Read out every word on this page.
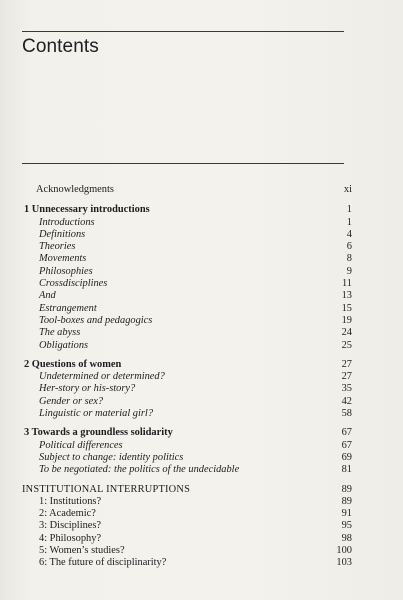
Contents
Acknowledgments	xi
1 Unnecessary introductions	1
Introductions	1
Definitions	4
Theories	6
Movements	8
Philosophies	9
Crossdisciplines	11
And	13
Estrangement	15
Tool-boxes and pedagogics	19
The abyss	24
Obligations	25
2 Questions of women	27
Undetermined or determined?	27
Her-story or his-story?	35
Gender or sex?	42
Linguistic or material girl?	58
3 Towards a groundless solidarity	67
Political differences	67
Subject to change: identity politics	69
To be negotiated: the politics of the undecidable	81
INSTITUTIONAL INTERRUPTIONS	89
1: Institutions?	89
2: Academic?	91
3: Disciplines?	95
4: Philosophy?	98
5: Women’s studies?	100
6: The future of disciplinarity?	103
